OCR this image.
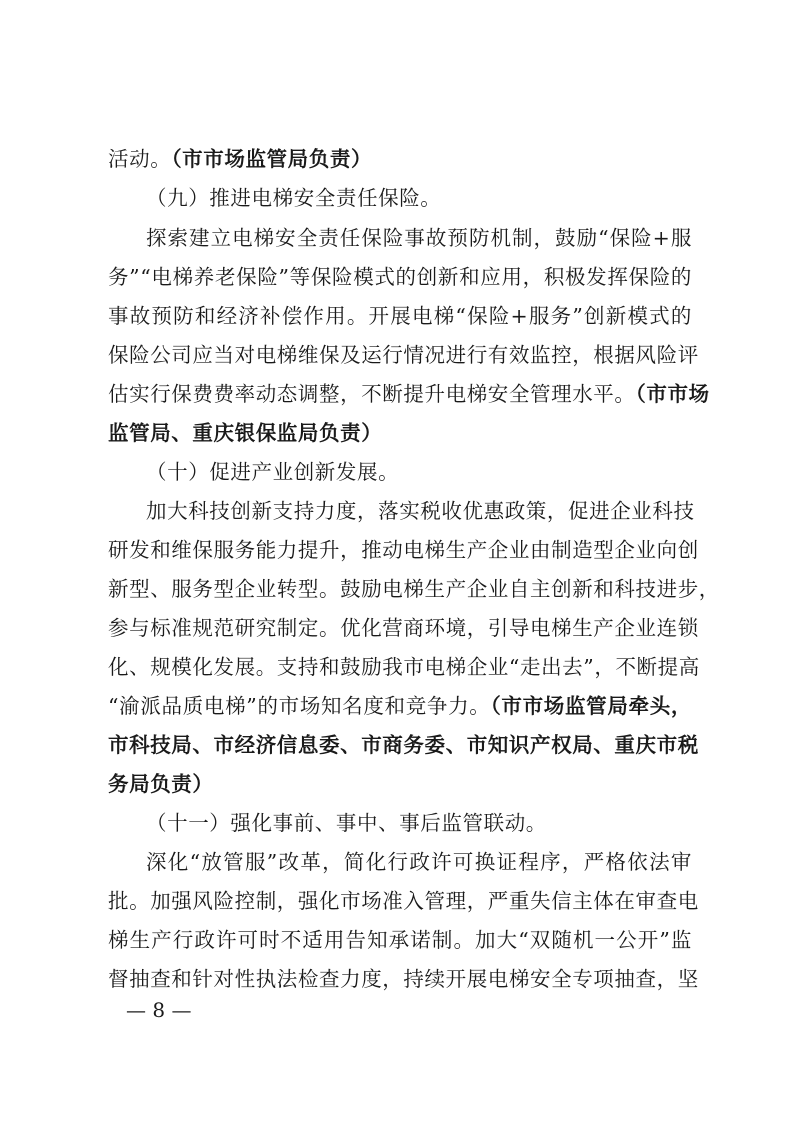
活动。（市市场监管局负责）
（九）推进电梯安全责任保险。
探索建立电梯安全责任保险事故预防机制，鼓励“保险+服
务”“电梯养老保险”等保险模式的创新和应用，积极发挥保险的
事故预防和经济补偿作用。开展电梯“保险+服务”创新模式的
保险公司应当对电梯维保及运行情况进行有效监控，根据风险评
估实行保费费率动态调整，不断提升电梯安全管理水平。（市市场
监管局、重庆银保监局负责）
（十）促进产业创新发展。
加大科技创新支持力度，落实税收优惠政策，促进企业科技
研发和维保服务能力提升，推动电梯生产企业由制造型企业向创
新型、服务型企业转型。鼓励电梯生产企业自主创新和科技进步，
参与标准规范研究制定。优化营商环境，引导电梯生产企业连锁
化、规模化发展。支持和鼓励我市电梯企业“走出去”，不断提高
“渝派品质电梯”的市场知名度和竞争力。（市市场监管局牵头，
市科技局、市经济信息委、市商务委、市知识产权局、重庆市税
务局负责）
（十一）强化事前、事中、事后监管联动。
深化“放管服”改革，简化行政许可换证程序，严格依法审
批。加强风险控制，强化市场准入管理，严重失信主体在审查电
梯生产行政许可时不适用告知承诺制。加大“双随机一公开”监
督抽查和针对性执法检查力度，持续开展电梯安全专项抽查，坚
— 8 —
